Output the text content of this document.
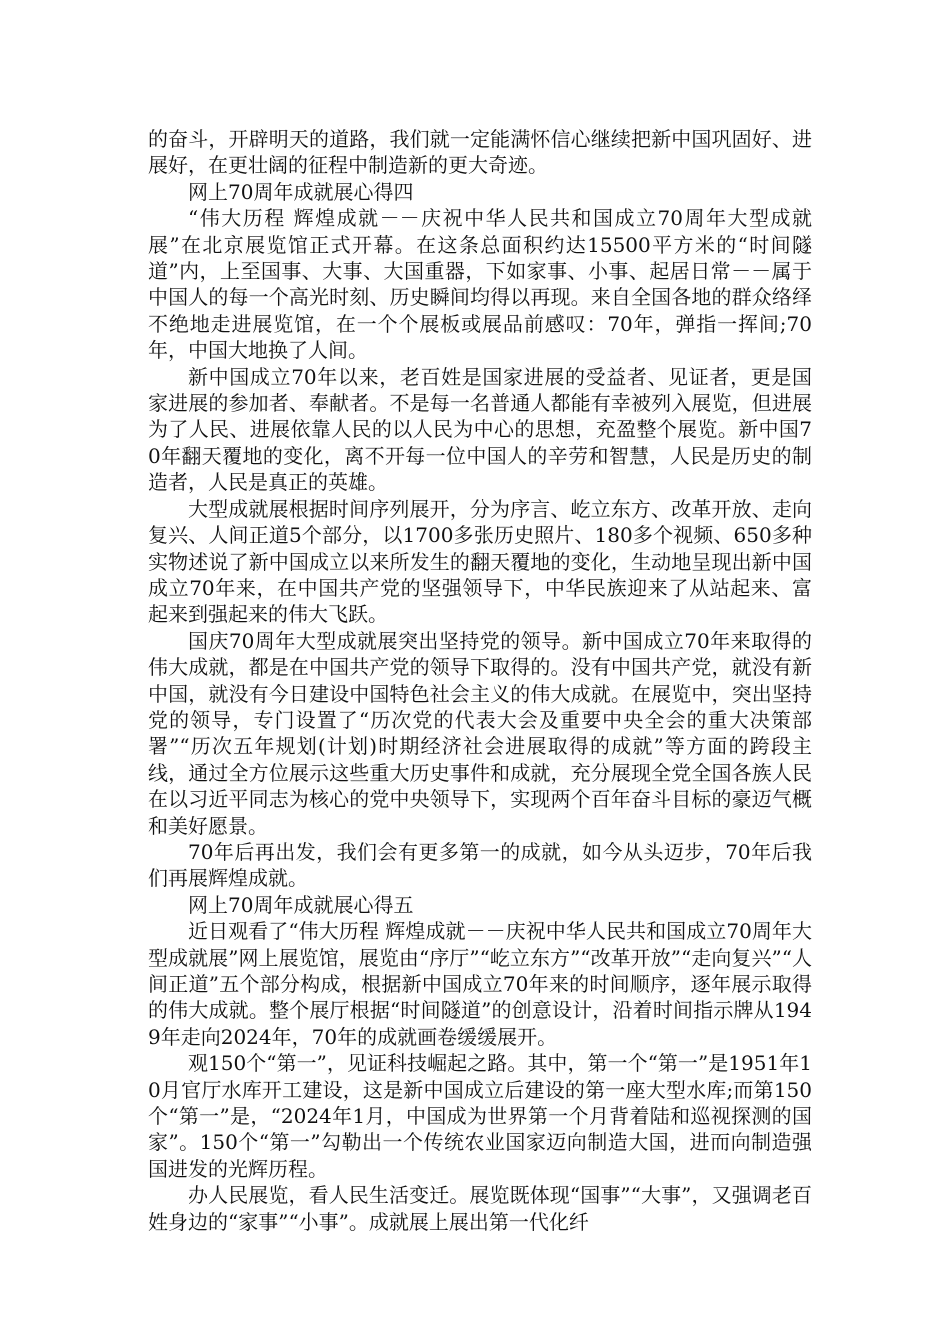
的奋斗，开辟明天的道路，我们就一定能满怀信心继续把新中国巩固好、进展好，在更壮阔的征程中制造新的更大奇迹。

网上70周年成就展心得四

“伟大历程 辉煌成就－－庆祝中华人民共和国成立70周年大型成就展”在北京展览馆正式开幕。在这条总面积约达15500平方米的“时间隧道”内，上至国事、大事、大国重器，下如家事、小事、起居日常－－属于中国人的每一个高光时刻、历史瞬间均得以再现。来自全国各地的群众络绎不绝地走进展览馆，在一个个展板或展品前感叹：70年，弹指一挥间;70年，中国大地换了人间。

新中国成立70年以来，老百姓是国家进展的受益者、见证者，更是国家进展的参加者、奉献者。不是每一名普通人都能有幸被列入展览，但进展为了人民、进展依靠人民的以人民为中心的思想，充盈整个展览。新中国70年翻天覆地的变化，离不开每一位中国人的辛劳和智慧，人民是历史的制造者，人民是真正的英雄。

大型成就展根据时间序列展开，分为序言、屹立东方、改革开放、走向复兴、人间正道5个部分，以1700多张历史照片、180多个视频、650多种实物述说了新中国成立以来所发生的翻天覆地的变化，生动地呈现出新中国成立70年来，在中国共产党的坚强领导下，中华民族迎来了从站起来、富起来到强起来的伟大飞跃。

国庆70周年大型成就展突出坚持党的领导。新中国成立70年来取得的伟大成就，都是在中国共产党的领导下取得的。没有中国共产党，就没有新中国，就没有今日建设中国特色社会主义的伟大成就。在展览中，突出坚持党的领导，专门设置了“历次党的代表大会及重要中央全会的重大决策部署”“历次五年规划(计划)时期经济社会进展取得的成就”等方面的跨段主线，通过全方位展示这些重大历史事件和成就，充分展现全党全国各族人民在以习近平同志为核心的党中央领导下，实现两个百年奋斗目标的豪迈气概和美好愿景。

70年后再出发，我们会有更多第一的成就，如今从头迈步，70年后我们再展辉煌成就。

网上70周年成就展心得五

近日观看了“伟大历程 辉煌成就－－庆祝中华人民共和国成立70周年大型成就展”网上展览馆，展览由“序厅”“屹立东方”“改革开放”“走向复兴”“人间正道”五个部分构成，根据新中国成立70年来的时间顺序，逐年展示取得的伟大成就。整个展厅根据“时间隧道”的创意设计，沿着时间指示牌从1949年走向2024年，70年的成就画卷缓缓展开。

观150个“第一”，见证科技崛起之路。其中，第一个“第一”是1951年10月官厅水库开工建设，这是新中国成立后建设的第一座大型水库;而第150个“第一”是，“2024年1月，中国成为世界第一个月背着陆和巡视探测的国家”。150个“第一”勾勒出一个传统农业国家迈向制造大国，进而向制造强国进发的光辉历程。

办人民展览，看人民生活变迁。展览既体现“国事”“大事”，又强调老百姓身边的“家事”“小事”。成就展上展出第一代化纤
